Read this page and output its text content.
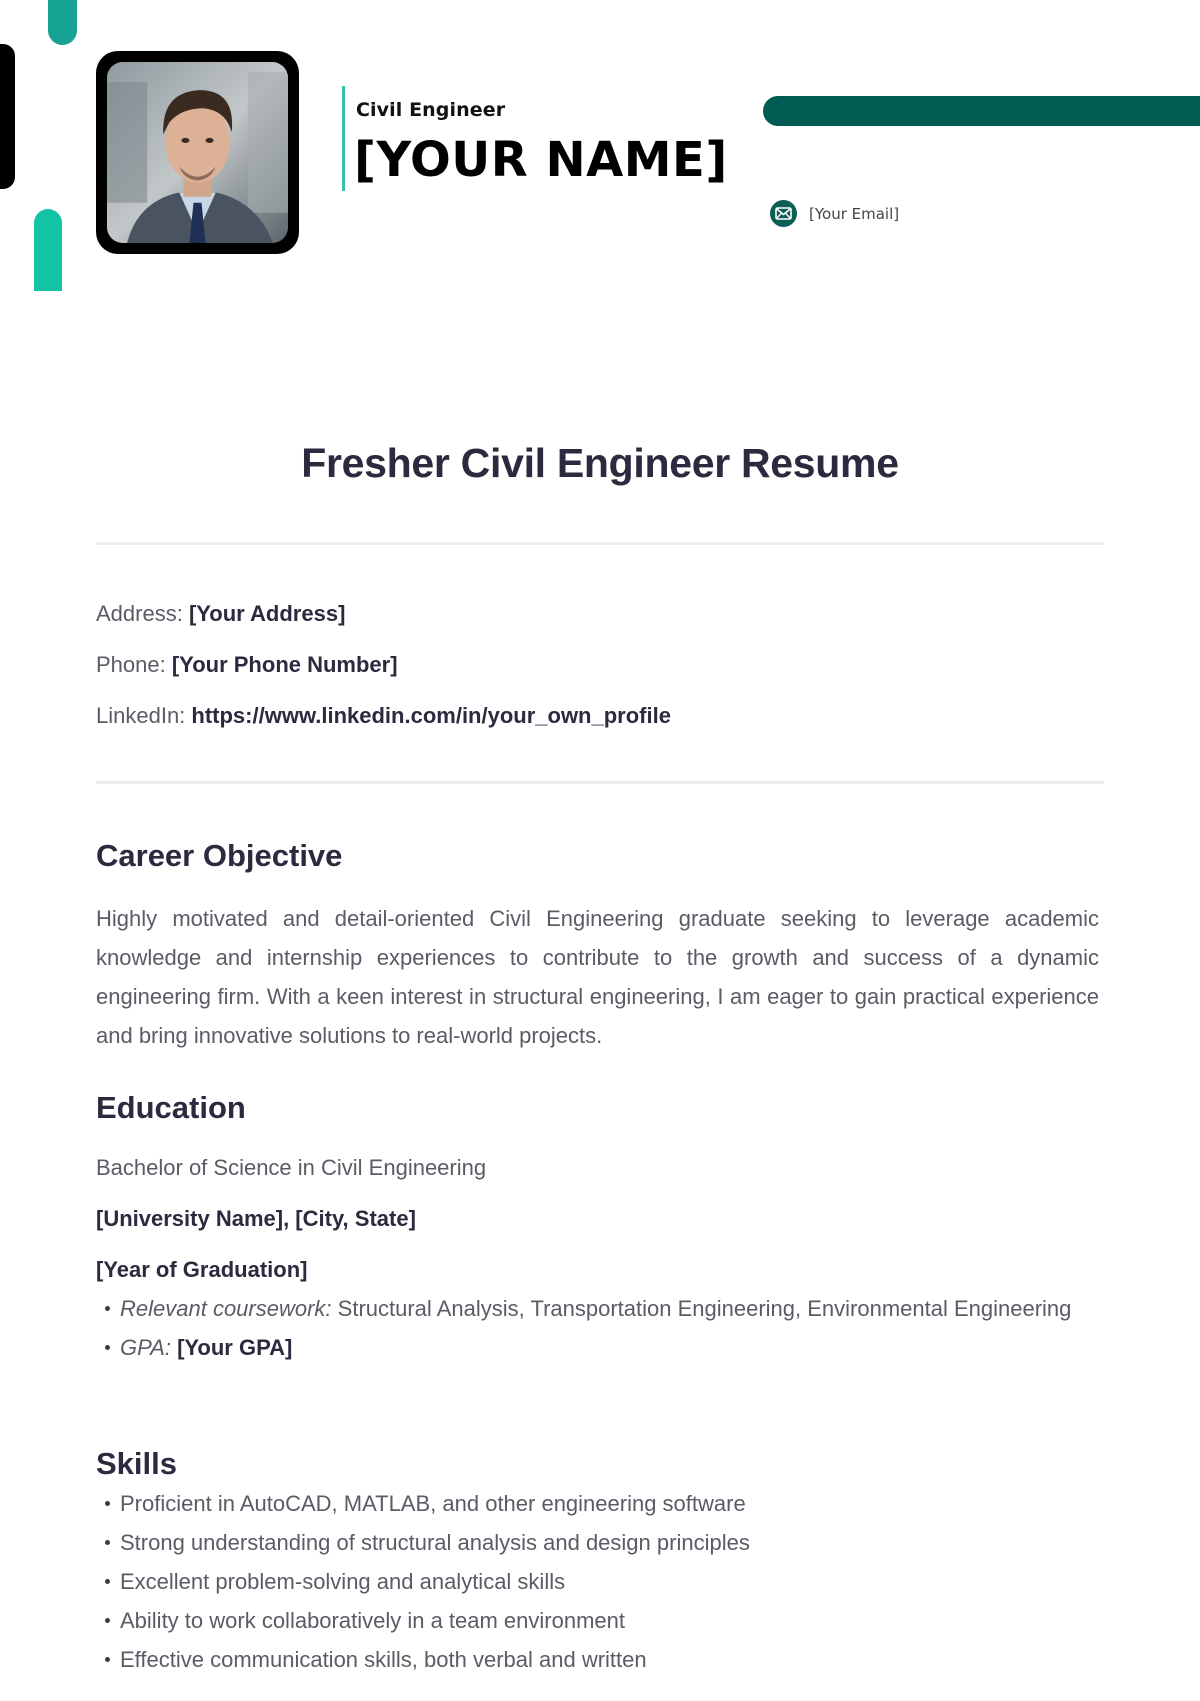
Civil Engineer
[YOUR NAME]
[Your Email]
Fresher Civil Engineer Resume
Address: [Your Address]
Phone: [Your Phone Number]
LinkedIn: https://www.linkedin.com/in/your_own_profile
Career Objective

Highly motivated and detail-oriented Civil Engineering graduate seeking to leverage academic knowledge and internship experiences to contribute to the growth and success of a dynamic engineering firm. With a keen interest in structural engineering, I am eager to gain practical experience and bring innovative solutions to real-world projects.

Education
Bachelor of Science in Civil Engineering
[University Name], [City, State]
[Year of Graduation]
Relevant coursework: Structural Analysis, Transportation Engineering, Environmental Engineering
GPA: [Your GPA]
Skills
Proficient in AutoCAD, MATLAB, and other engineering software
Strong understanding of structural analysis and design principles
Excellent problem-solving and analytical skills
Ability to work collaboratively in a team environment
Effective communication skills, both verbal and written
